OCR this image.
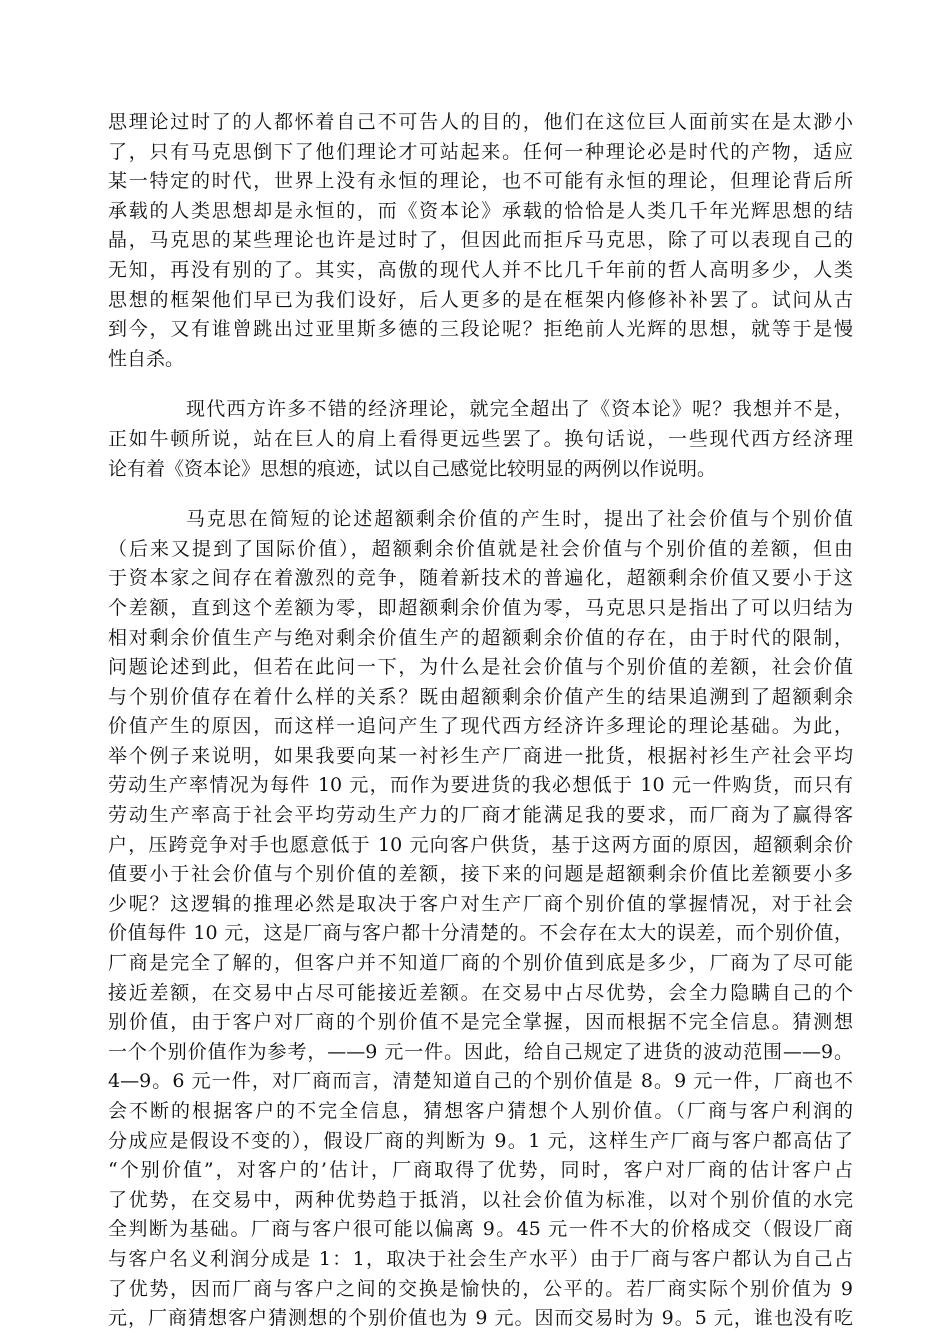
思理论过时了的人都怀着自己不可告人的目的，他们在这位巨人面前实在是太渺小
了，只有马克思倒下了他们理论才可站起来。任何一种理论必是时代的产物，适应
某一特定的时代，世界上没有永恒的理论，也不可能有永恒的理论，但理论背后所
承载的人类思想却是永恒的，而《资本论》承载的恰恰是人类几千年光辉思想的结
晶，马克思的某些理论也许是过时了，但因此而拒斥马克思，除了可以表现自己的
无知，再没有别的了。其实，高傲的现代人并不比几千年前的哲人高明多少，人类
思想的框架他们早已为我们设好，后人更多的是在框架内修修补补罢了。试问从古
到今，又有谁曾跳出过亚里斯多德的三段论呢？拒绝前人光辉的思想，就等于是慢
性自杀。
现代西方许多不错的经济理论，就完全超出了《资本论》呢？我想并不是，
正如牛顿所说，站在巨人的肩上看得更远些罢了。换句话说，一些现代西方经济理
论有着《资本论》思想的痕迹，试以自己感觉比较明显的两例以作说明。
马克思在简短的论述超额剩余价值的产生时，提出了社会价值与个别价值
（后来又提到了国际价值），超额剩余价值就是社会价值与个别价值的差额，但由
于资本家之间存在着激烈的竞争，随着新技术的普遍化，超额剩余价值又要小于这
个差额，直到这个差额为零，即超额剩余价值为零，马克思只是指出了可以归结为
相对剩余价值生产与绝对剩余价值生产的超额剩余价值的存在，由于时代的限制，
问题论述到此，但若在此问一下，为什么是社会价值与个别价值的差额，社会价值
与个别价值存在着什么样的关系？既由超额剩余价值产生的结果追溯到了超额剩余
价值产生的原因，而这样一追问产生了现代西方经济许多理论的理论基础。为此，
举个例子来说明，如果我要向某一衬衫生产厂商进一批货，根据衬衫生产社会平均
劳动生产率情况为每件 10 元，而作为要进货的我必想低于 10 元一件购货，而只有
劳动生产率高于社会平均劳动生产力的厂商才能满足我的要求，而厂商为了赢得客
户，压跨竞争对手也愿意低于 10 元向客户供货，基于这两方面的原因，超额剩余价
值要小于社会价值与个别价值的差额，接下来的问题是超额剩余价值比差额要小多
少呢？这逻辑的推理必然是取决于客户对生产厂商个别价值的掌握情况，对于社会
价值每件 10 元，这是厂商与客户都十分清楚的。不会存在太大的误差，而个别价值，
厂商是完全了解的，但客户并不知道厂商的个别价值到底是多少，厂商为了尽可能
接近差额，在交易中占尽可能接近差额。在交易中占尽优势，会全力隐瞒自己的个
别价值，由于客户对厂商的个别价值不是完全掌握，因而根据不完全信息。猜测想
一个个别价值作为参考，——9 元一件。因此，给自己规定了进货的波动范围——9。
4—9。6 元一件，对厂商而言，清楚知道自己的个别价值是 8。9 元一件，厂商也不
会不断的根据客户的不完全信息，猜想客户猜想个人别价值。（厂商与客户利润的
分成应是假设不变的），假设厂商的判断为 9。1 元，这样生产厂商与客户都高估了
“个别价值”，对客户的’估计，厂商取得了优势，同时，客户对厂商的估计客户占
了优势，在交易中，两种优势趋于抵消，以社会价值为标准，以对个别价值的水完
全判断为基础。厂商与客户很可能以偏离 9。45 元一件不大的价格成交（假设厂商
与客户名义利润分成是 1：1，取决于社会生产水平）由于厂商与客户都认为自己占
了优势，因而厂商与客户之间的交换是愉快的，公平的。若厂商实际个别价值为 9
元，厂商猜想客户猜测想的个别价值也为 9 元。因而交易时为 9。5 元，谁也没有吃
